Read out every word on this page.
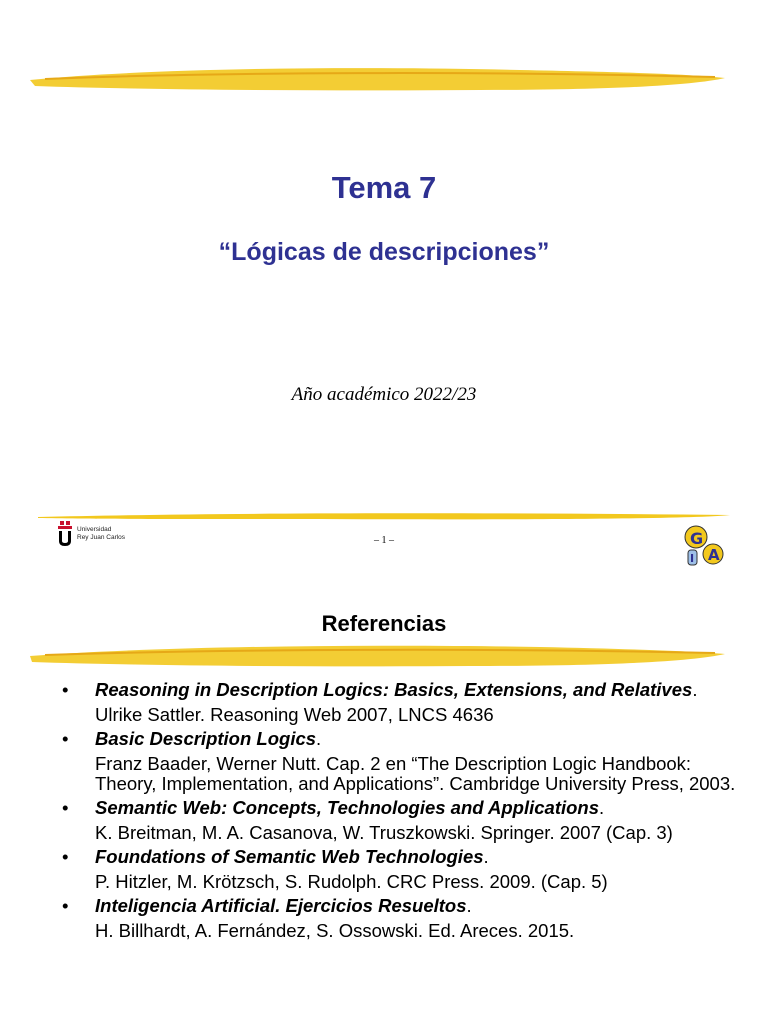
Tema 7
“Lógicas de descripciones”
Año académico 2022/23
Universidad
Rey Juan Carlos	– 1 –	G
A
I
Referencias
• Reasoning in Description Logics: Basics, Extensions, and Relatives.
Ulrike Sattler. Reasoning Web 2007, LNCS 4636
• Basic Description Logics.
Franz Baader, Werner Nutt. Cap. 2 en “The Description Logic Handbook: Theory, Implementation, and Applications”. Cambridge University Press, 2003.
• Semantic Web: Concepts, Technologies and Applications.
K. Breitman, M. A. Casanova, W. Truszkowski. Springer. 2007 (Cap. 3)
• Foundations of Semantic Web Technologies.
P. Hitzler, M. Krötzsch, S. Rudolph. CRC Press. 2009. (Cap. 5)
• Inteligencia Artificial. Ejercicios Resueltos.
H. Billhardt, A. Fernández, S. Ossowski. Ed. Areces. 2015.
